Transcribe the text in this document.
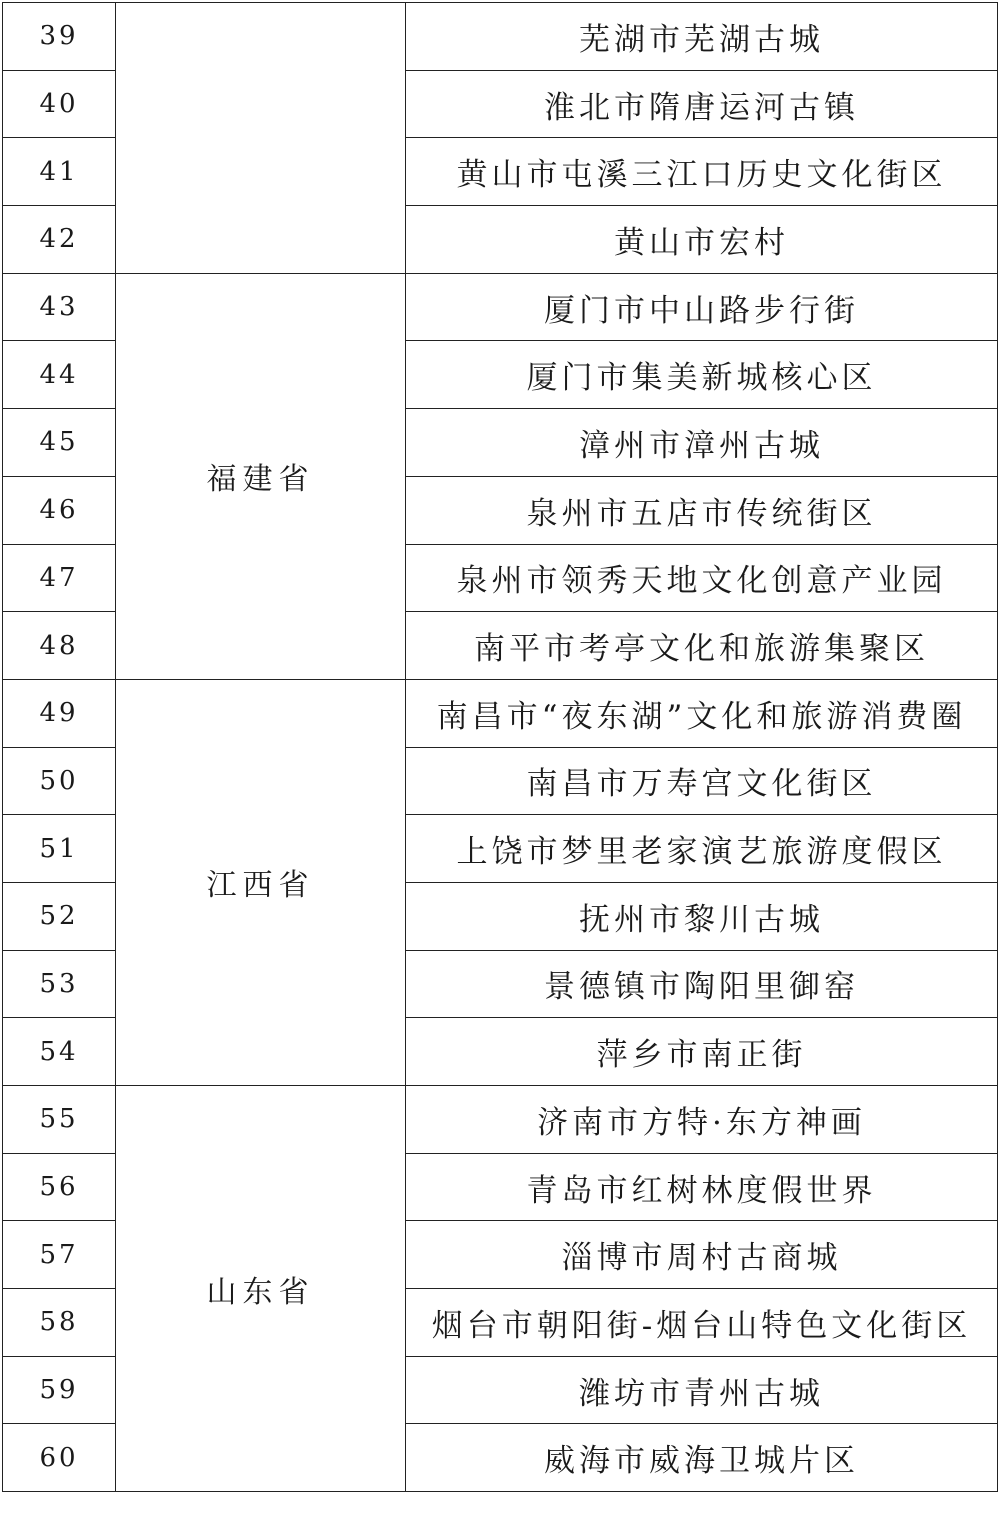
39		芜湖市芜湖古城
40		淮北市隋唐运河古镇
41		黄山市屯溪三江口历史文化街区
42		黄山市宏村
43	福建省	厦门市中山路步行街
44		厦门市集美新城核心区
45		漳州市漳州古城
46		泉州市五店市传统街区
47		泉州市领秀天地文化创意产业园
48		南平市考亭文化和旅游集聚区
49	江西省	南昌市“夜东湖”文化和旅游消费圈
50		南昌市万寿宫文化街区
51		上饶市梦里老家演艺旅游度假区
52		抚州市黎川古城
53		景德镇市陶阳里御窑
54		萍乡市南正街
55	山东省	济南市方特·东方神画
56		青岛市红树林度假世界
57		淄博市周村古商城
58		烟台市朝阳街-烟台山特色文化街区
59		潍坊市青州古城
60		威海市威海卫城片区
